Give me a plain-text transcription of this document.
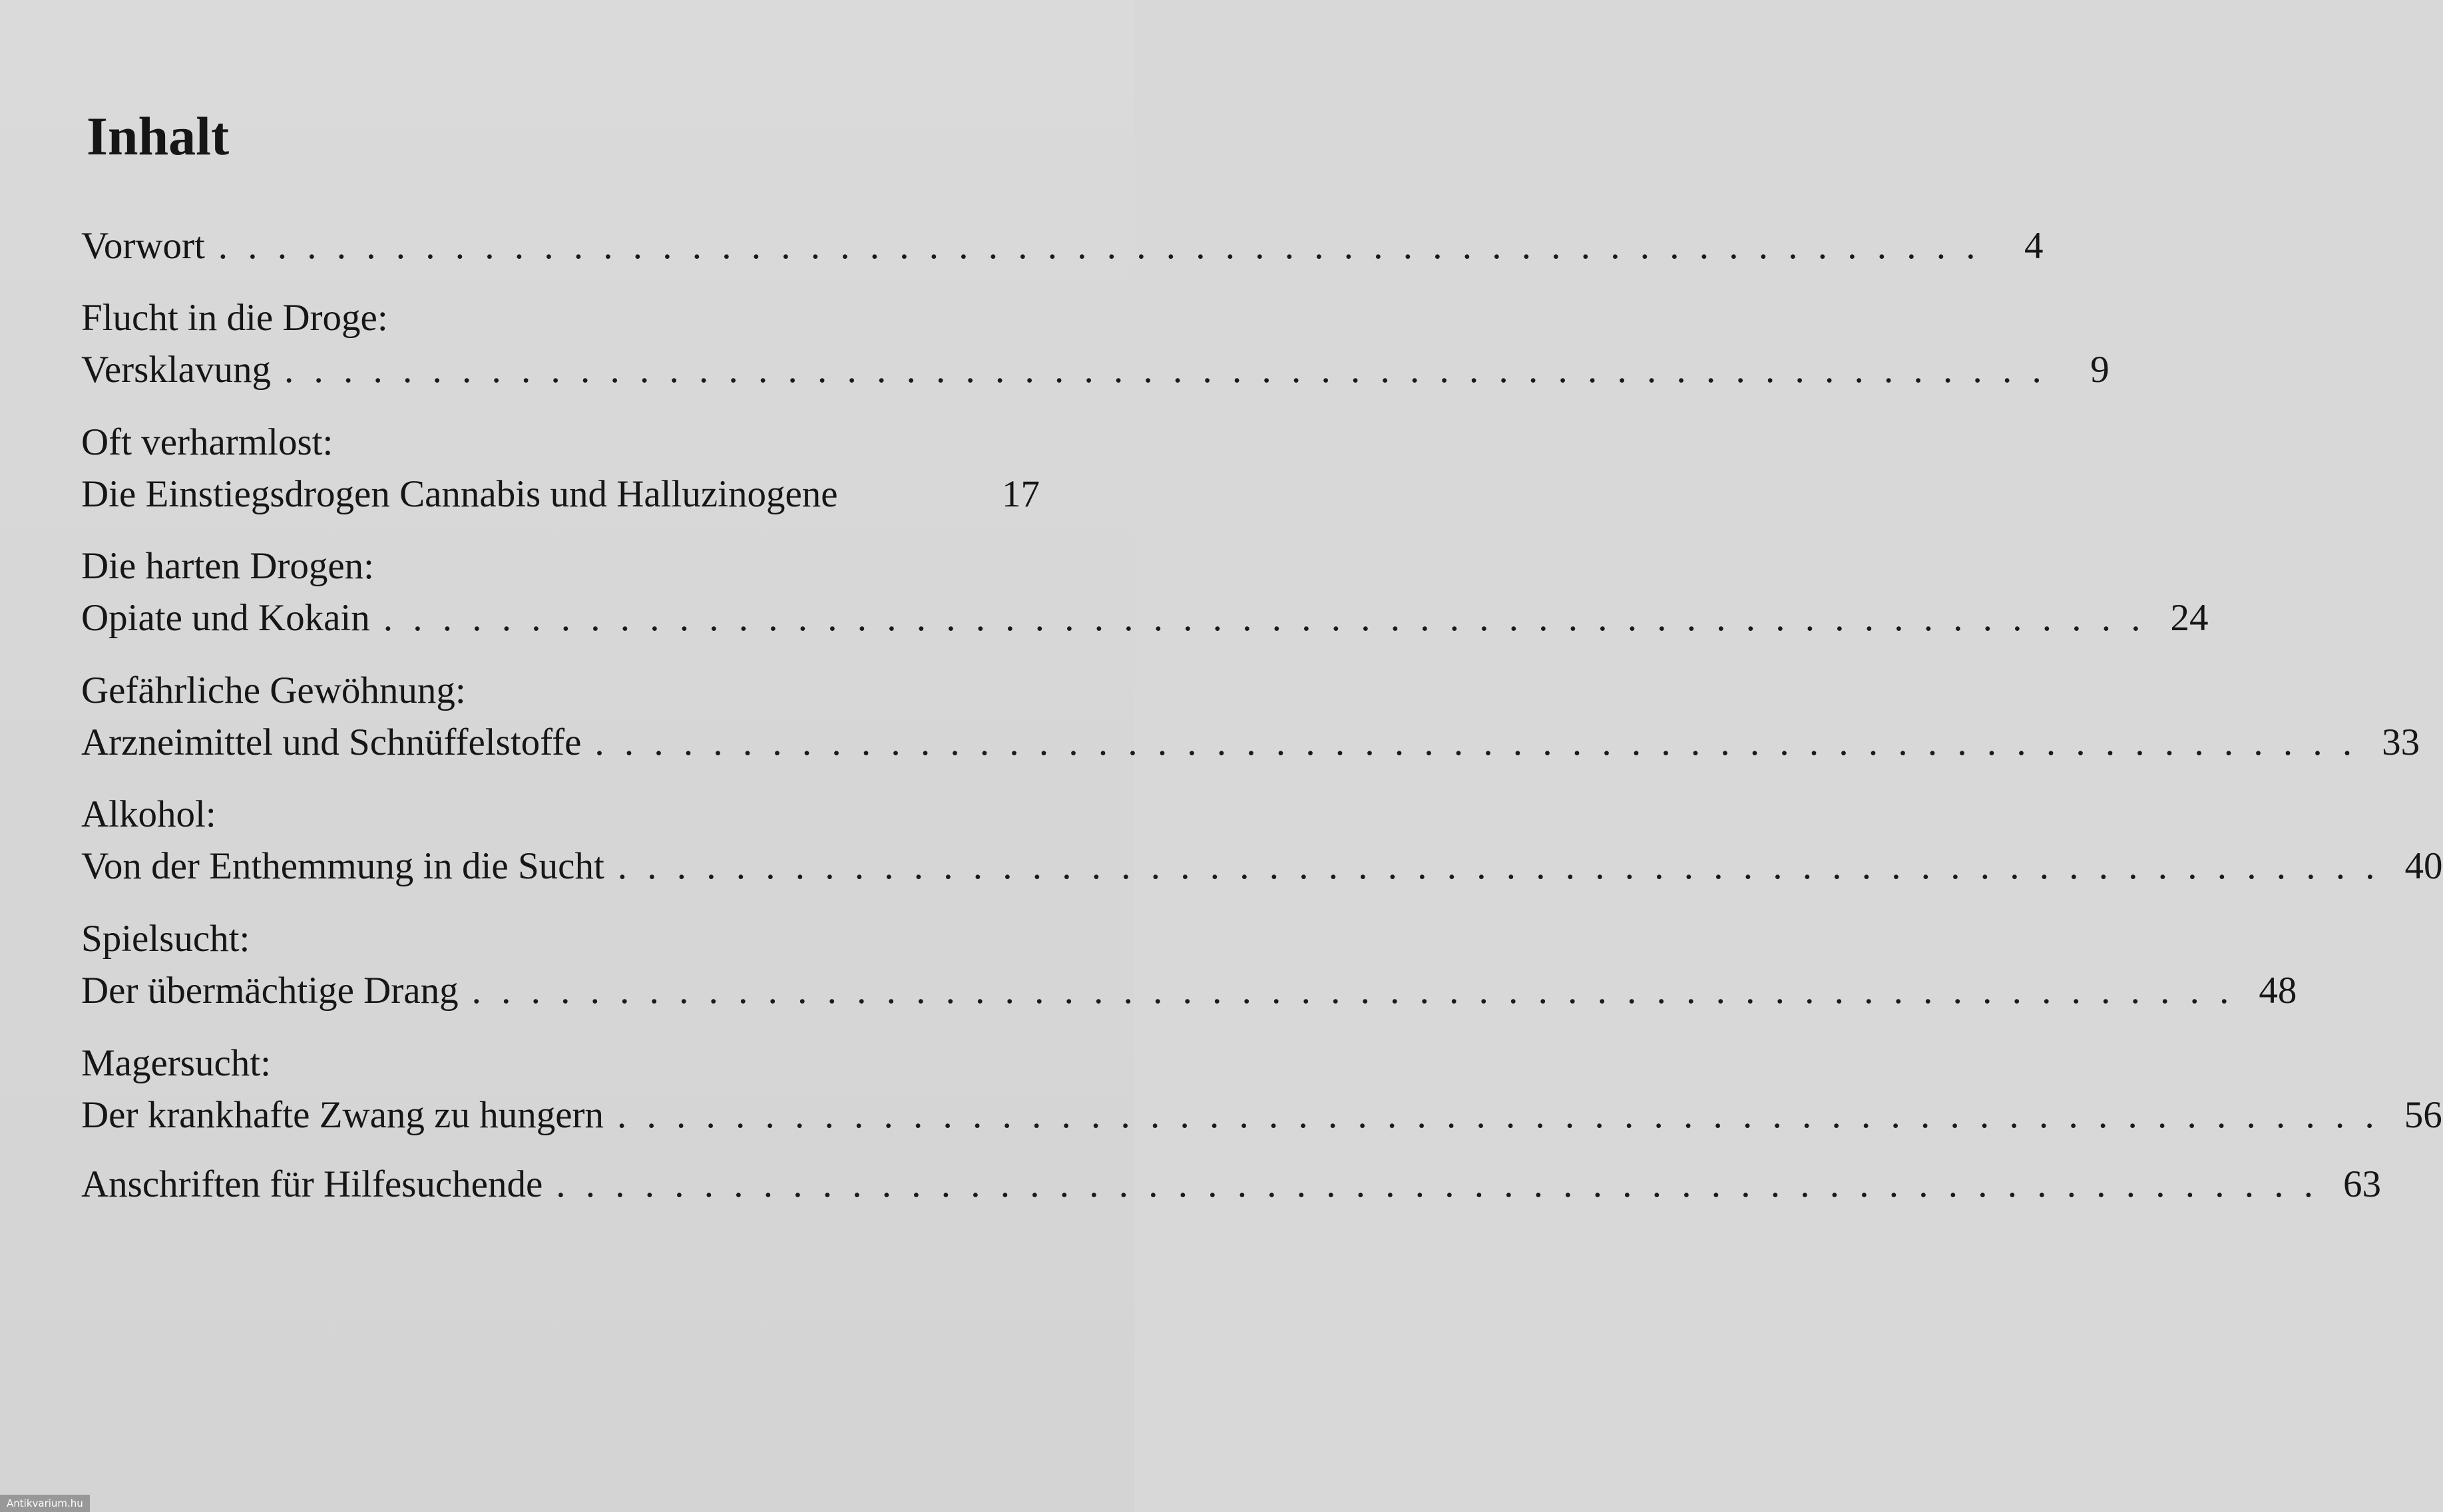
Inhalt
Vorwort . . . . . . . . . . . . . . . . . . . . . . . . . . . . . . . . . . . . . . . . . . . . . . . . . . . . . . . . . . . .	4
Flucht in die Droge:
Versklavung . . . . . . . . . . . . . . . . . . . . . . . . . . . . . . . . . . . . . . . . . . . . . . . . . . . . . . . . . . . .	9
Oft verharmlost:
Die Einstiegsdrogen Cannabis und Halluzinogene	17
Die harten Drogen:
Opiate und Kokain . . . . . . . . . . . . . . . . . . . . . . . . . . . . . . . . . . . . . . . . . . . . . . . . . . . . . . . . . . . . 24
Gefährliche Gewöhnung:
Arzneimittel und Schnüffelstoffe . . . . . . . . . . . . . . . . . . . . . . . . . . . . . . . . . . . . . . . . . . . . . . . . . . . . . . . . . . . . 33
Alkohol:
Von der Enthemmung in die Sucht . . . . . . . . . . . . . . . . . . . . . . . . . . . . . . . . . . . . . . . . . . . . . . . . . . . . . . . . . . . . 40
Spielsucht:
Der übermächtige Drang . . . . . . . . . . . . . . . . . . . . . . . . . . . . . . . . . . . . . . . . . . . . . . . . . . . . . . . . . . . . 48
Magersucht:
Der krankhafte Zwang zu hungern . . . . . . . . . . . . . . . . . . . . . . . . . . . . . . . . . . . . . . . . . . . . . . . . . . . . . . . . . . . . 56
Anschriften für Hilfesuchende . . . . . . . . . . . . . . . . . . . . . . . . . . . . . . . . . . . . . . . . . . . . . . . . . . . . . . . . . . . . 63
Antikvarium.hu
